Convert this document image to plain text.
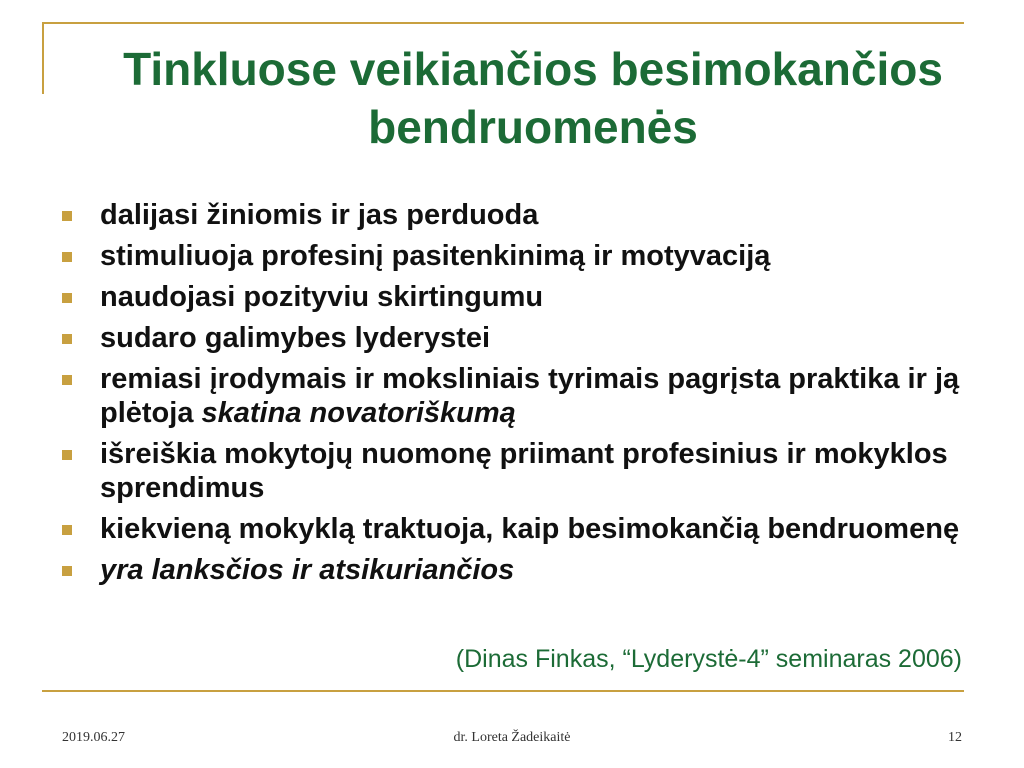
Tinkluose veikiančios besimokančios
bendruomenės
dalijasi žiniomis ir jas perduoda
stimuliuoja profesinį pasitenkinimą ir motyvaciją
naudojasi pozityviu skirtingumu
sudaro galimybes lyderystei
remiasi įrodymais ir moksliniais tyrimais pagrįsta praktika ir ją plėtoja skatina novatoriškumą
išreiškia mokytojų nuomonę priimant profesinius ir mokyklos sprendimus
kiekvieną mokyklą traktuoja, kaip besimokančią bendruomenę
yra lanksčios ir atsikuriančios
(Dinas Finkas, “Lyderystė-4” seminaras 2006)
2019.06.27	dr. Loreta Žadeikaitė	12
